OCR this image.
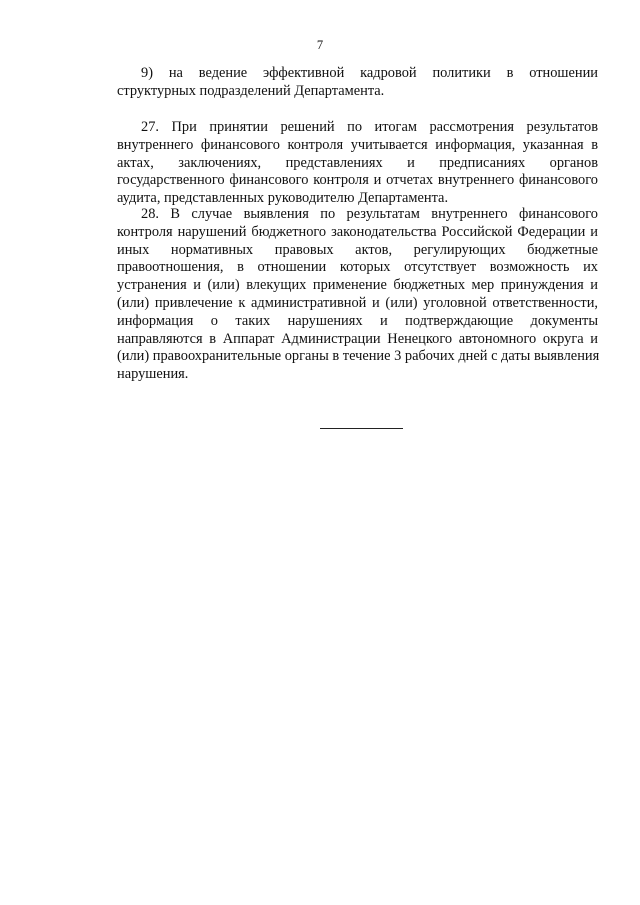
7
9) на ведение эффективной кадровой политики в отношении
структурных подразделений Департамента.
27. При принятии решений по итогам рассмотрения результатов
внутреннего финансового контроля учитывается информация, указанная в
актах, заключениях, представлениях и предписаниях органов
государственного финансового контроля и отчетах внутреннего финансового
аудита, представленных руководителю Департамента.
28. В случае выявления по результатам внутреннего финансового
контроля нарушений бюджетного законодательства Российской Федерации и
иных нормативных правовых актов, регулирующих бюджетные
правоотношения, в отношении которых отсутствует возможность их
устранения и (или) влекущих применение бюджетных мер принуждения и
(или) привлечение к административной и (или) уголовной ответственности,
информация о таких нарушениях и подтверждающие документы
направляются в Аппарат Администрации Ненецкого автономного округа и
(или) правоохранительные органы в течение 3 рабочих дней с даты выявления
нарушения.
